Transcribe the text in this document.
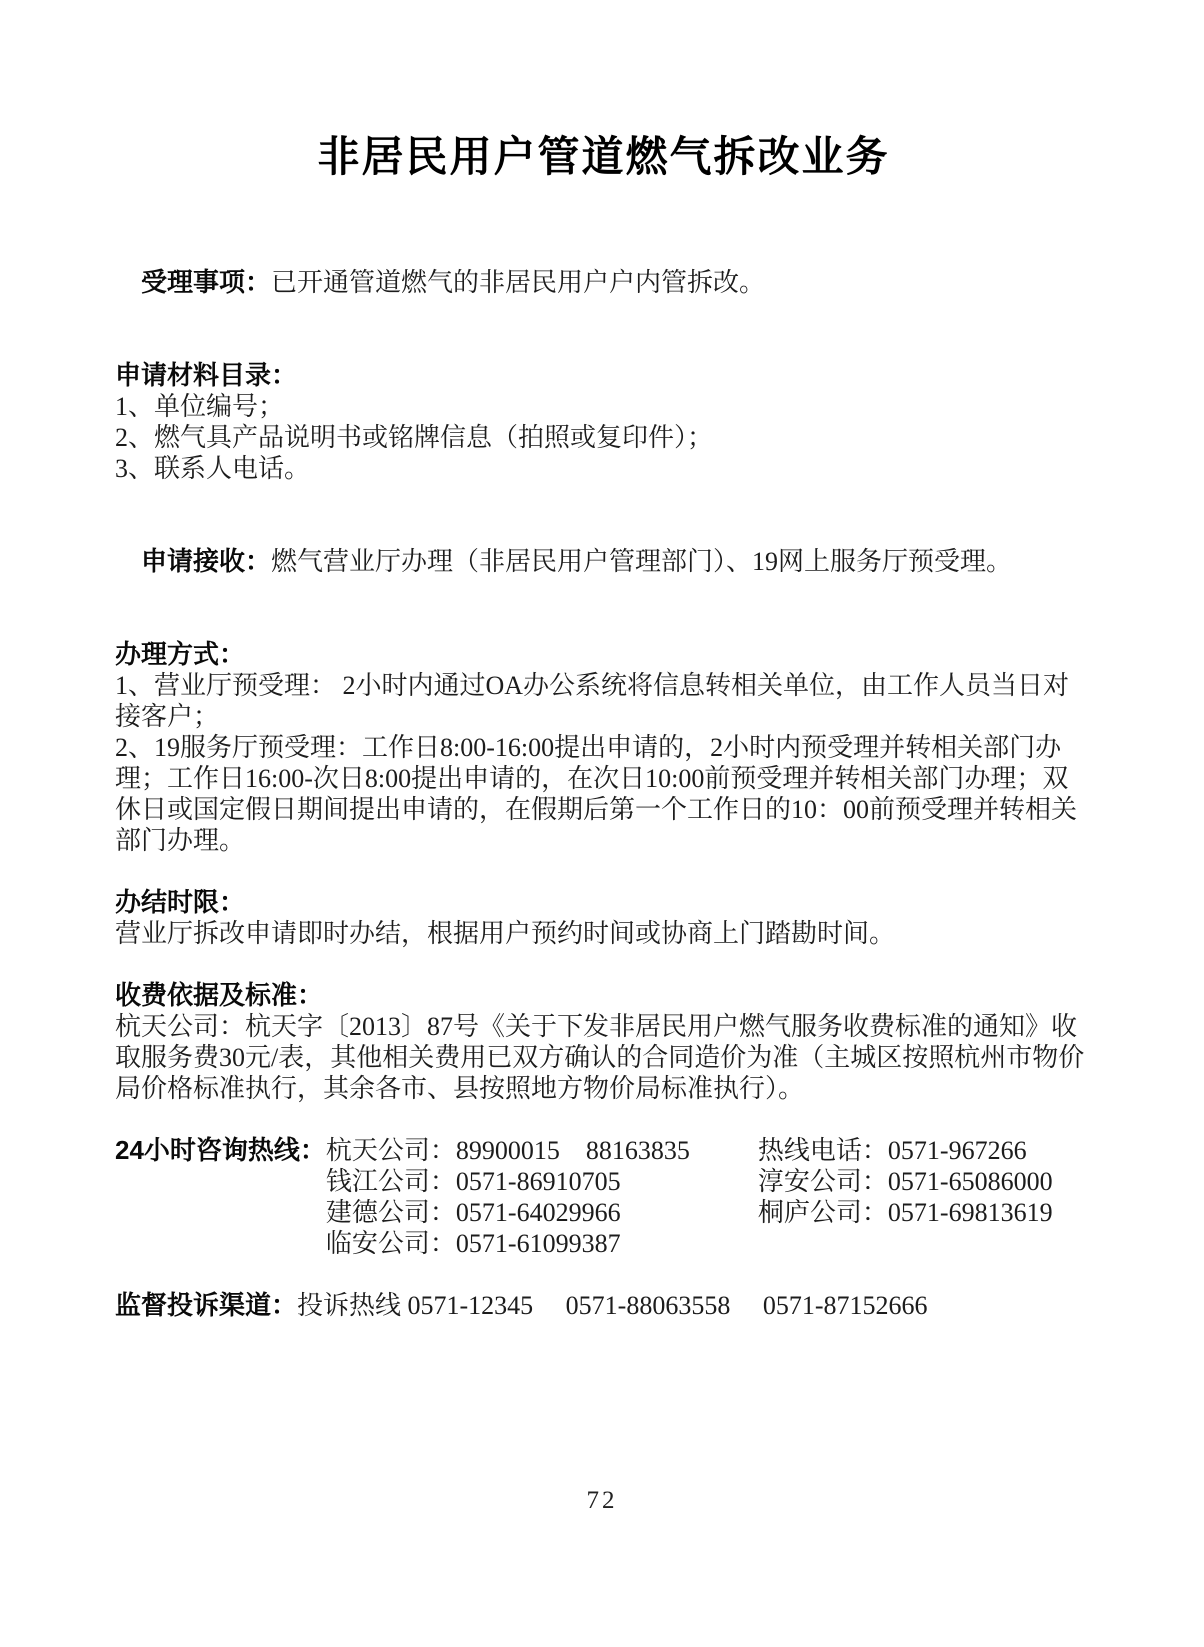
非居民用户管道燃气拆改业务

受理事项：已开通管道燃气的非居民用户户内管拆改。

申请材料目录：
1、单位编号；
2、燃气具产品说明书或铭牌信息（拍照或复印件）；
3、联系人电话。

申请接收：燃气营业厅办理（非居民用户管理部门）、19网上服务厅预受理。

办理方式：
1、营业厅预受理： 2小时内通过OA办公系统将信息转相关单位，由工作人员当日对接客户；
2、19服务厅预受理：工作日8:00-16:00提出申请的，2小时内预受理并转相关部门办理；工作日16:00-次日8:00提出申请的，在次日10:00前预受理并转相关部门办理；双休日或国定假日期间提出申请的，在假期后第一个工作日的10：00前预受理并转相关部门办理。
办结时限：
营业厅拆改申请即时办结，根据用户预约时间或协商上门踏勘时间。
收费依据及标准：
杭天公司：杭天字〔2013〕87号《关于下发非居民用户燃气服务收费标准的通知》收取服务费30元/表，其他相关费用已双方确认的合同造价为准（主城区按照杭州市物价局价格标准执行，其余各市、县按照地方物价局标准执行）。
24小时咨询热线： 杭天公司：89900015    88163835	热线电话：0571-967266
钱江公司：0571-86910705	淳安公司：0571-65086000
建德公司：0571-64029966	桐庐公司：0571-69813619
临安公司：0571-61099387
监督投诉渠道： 投诉热线 0571-12345     0571-88063558     0571-87152666
72
